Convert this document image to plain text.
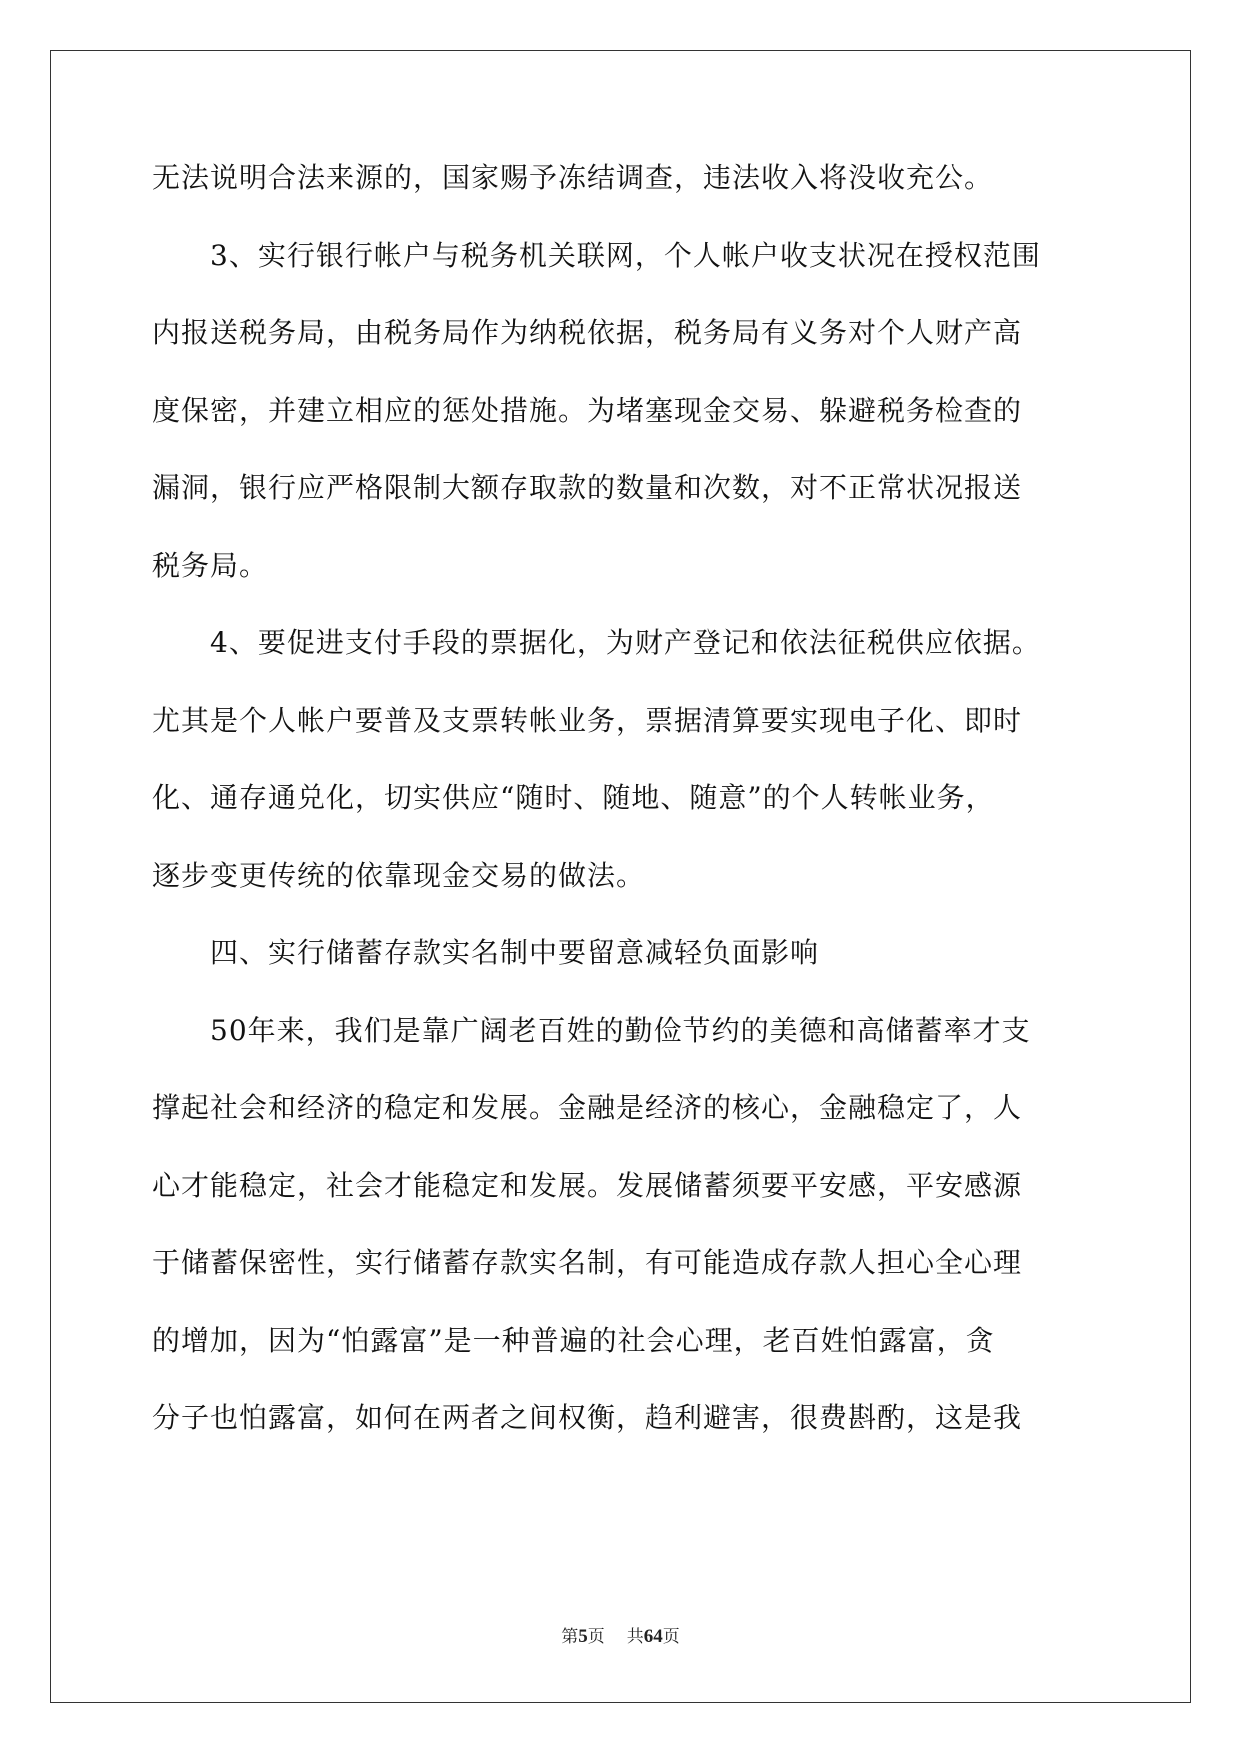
无法说明合法来源的，国家赐予冻结调查，违法收入将没收充公。
3、实行银行帐户与税务机关联网，个人帐户收支状况在授权范围
内报送税务局，由税务局作为纳税依据，税务局有义务对个人财产高
度保密，并建立相应的惩处措施。为堵塞现金交易、躲避税务检查的
漏洞，银行应严格限制大额存取款的数量和次数，对不正常状况报送
税务局。
4、要促进支付手段的票据化，为财产登记和依法征税供应依据。
尤其是个人帐户要普及支票转帐业务，票据清算要实现电子化、即时
化、通存通兑化，切实供应“随时、随地、随意”的个人转帐业务，
逐步变更传统的依靠现金交易的做法。
四、实行储蓄存款实名制中要留意减轻负面影响
50年来，我们是靠广阔老百姓的勤俭节约的美德和高储蓄率才支
撑起社会和经济的稳定和发展。金融是经济的核心，金融稳定了，人
心才能稳定，社会才能稳定和发展。发展储蓄须要平安感，平安感源
于储蓄保密性，实行储蓄存款实名制，有可能造成存款人担心全心理
的增加，因为“怕露富”是一种普遍的社会心理，老百姓怕露富，贪
分子也怕露富，如何在两者之间权衡，趋利避害，很费斟酌，这是我
第5页 共64页
